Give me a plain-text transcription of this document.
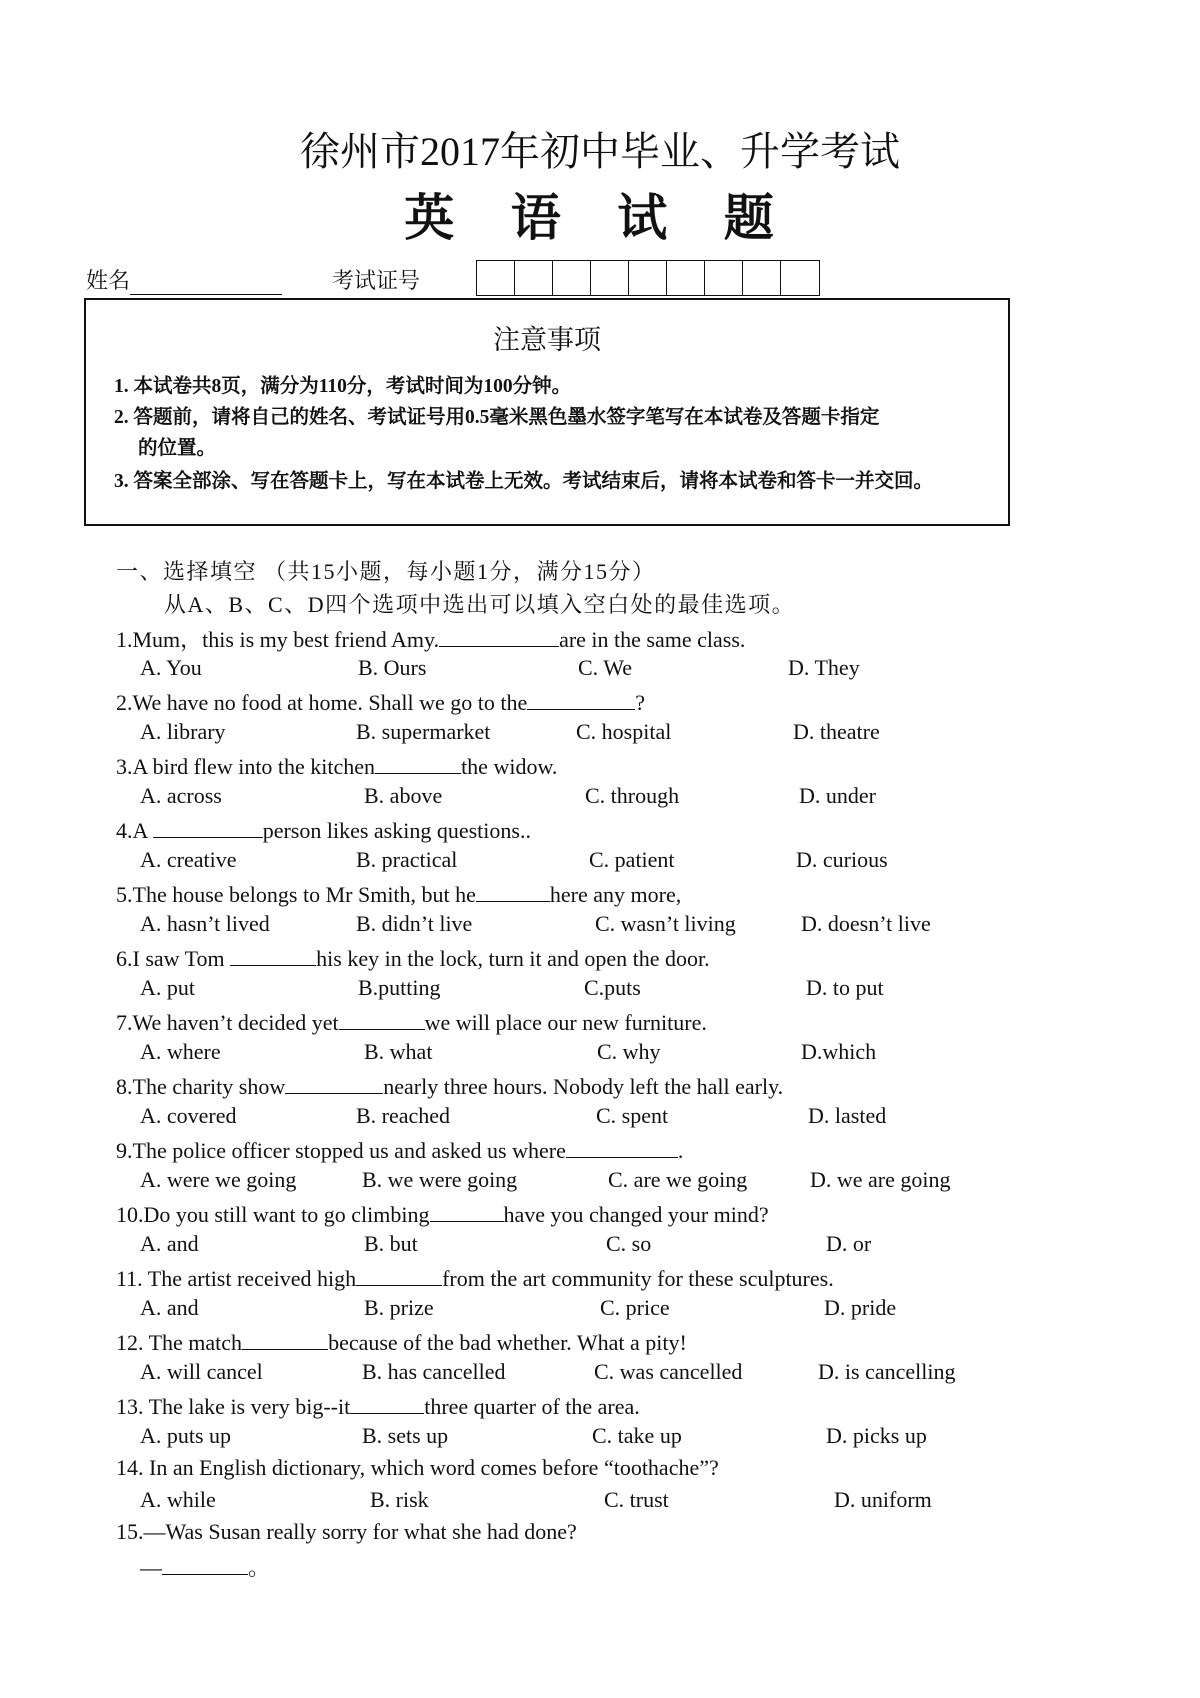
徐州市2017年初中毕业、升学考试
英 语 试 题
姓名	考试证号
注意事项
1. 本试卷共8页，满分为110分，考试时间为100分钟。
2. 答题前，请将自己的姓名、考试证号用0.5毫米黑色墨水签字笔写在本试卷及答题卡指定
的位置。
3. 答案全部涂、写在答题卡上，写在本试卷上无效。考试结束后，请将本试卷和答卡一并交回。
一、选择填空 （共15小题，每小题1分，满分15分）
从A、B、C、D四个选项中选出可以填入空白处的最佳选项。
1.Mum，this is my best friend Amy.	are in the same class.
A. You	B. Ours	C. We	D. They
2.We have no food at home. Shall we go to the	?
A. library	B. supermarket	C. hospital	D. theatre
3.A bird flew into the kitchen	the widow.
A. across	B. above	C. through	D. under
4.A	person likes asking questions..
A. creative	B. practical	C. patient	D. curious
5.The house belongs to Mr Smith, but he	here any more,
A. hasn’t lived	B. didn’t live	C. wasn’t living	D. doesn’t live
6.I saw Tom	his key in the lock, turn it and open the door.
A. put	B.putting	C.puts	D. to put
7.We haven’t decided yet	we will place our new furniture.
A. where	B. what	C. why	D.which
8.The charity show	nearly three hours. Nobody left the hall early.
A. covered	B. reached	C. spent	D. lasted
9.The police officer stopped us and asked us where	.
A. were we going	B. we were going	C. are we going	D. we are going
10.Do you still want to go climbing	have you changed your mind?
A. and	B. but	C. so	D. or
11. The artist received high	from the art community for these sculptures.
A. and	B. prize	C. price	D. pride
12. The match	because of the bad whether. What a pity!
A. will cancel	B. has cancelled	C. was cancelled	D. is cancelling
13. The lake is very big--it	three quarter of the area.
A. puts up	B. sets up	C. take up	D. picks up
14. In an English dictionary, which word comes before “toothache”?
A. while	B. risk	C. trust	D. uniform
15.—Was Susan really sorry for what she had done?
—	。
